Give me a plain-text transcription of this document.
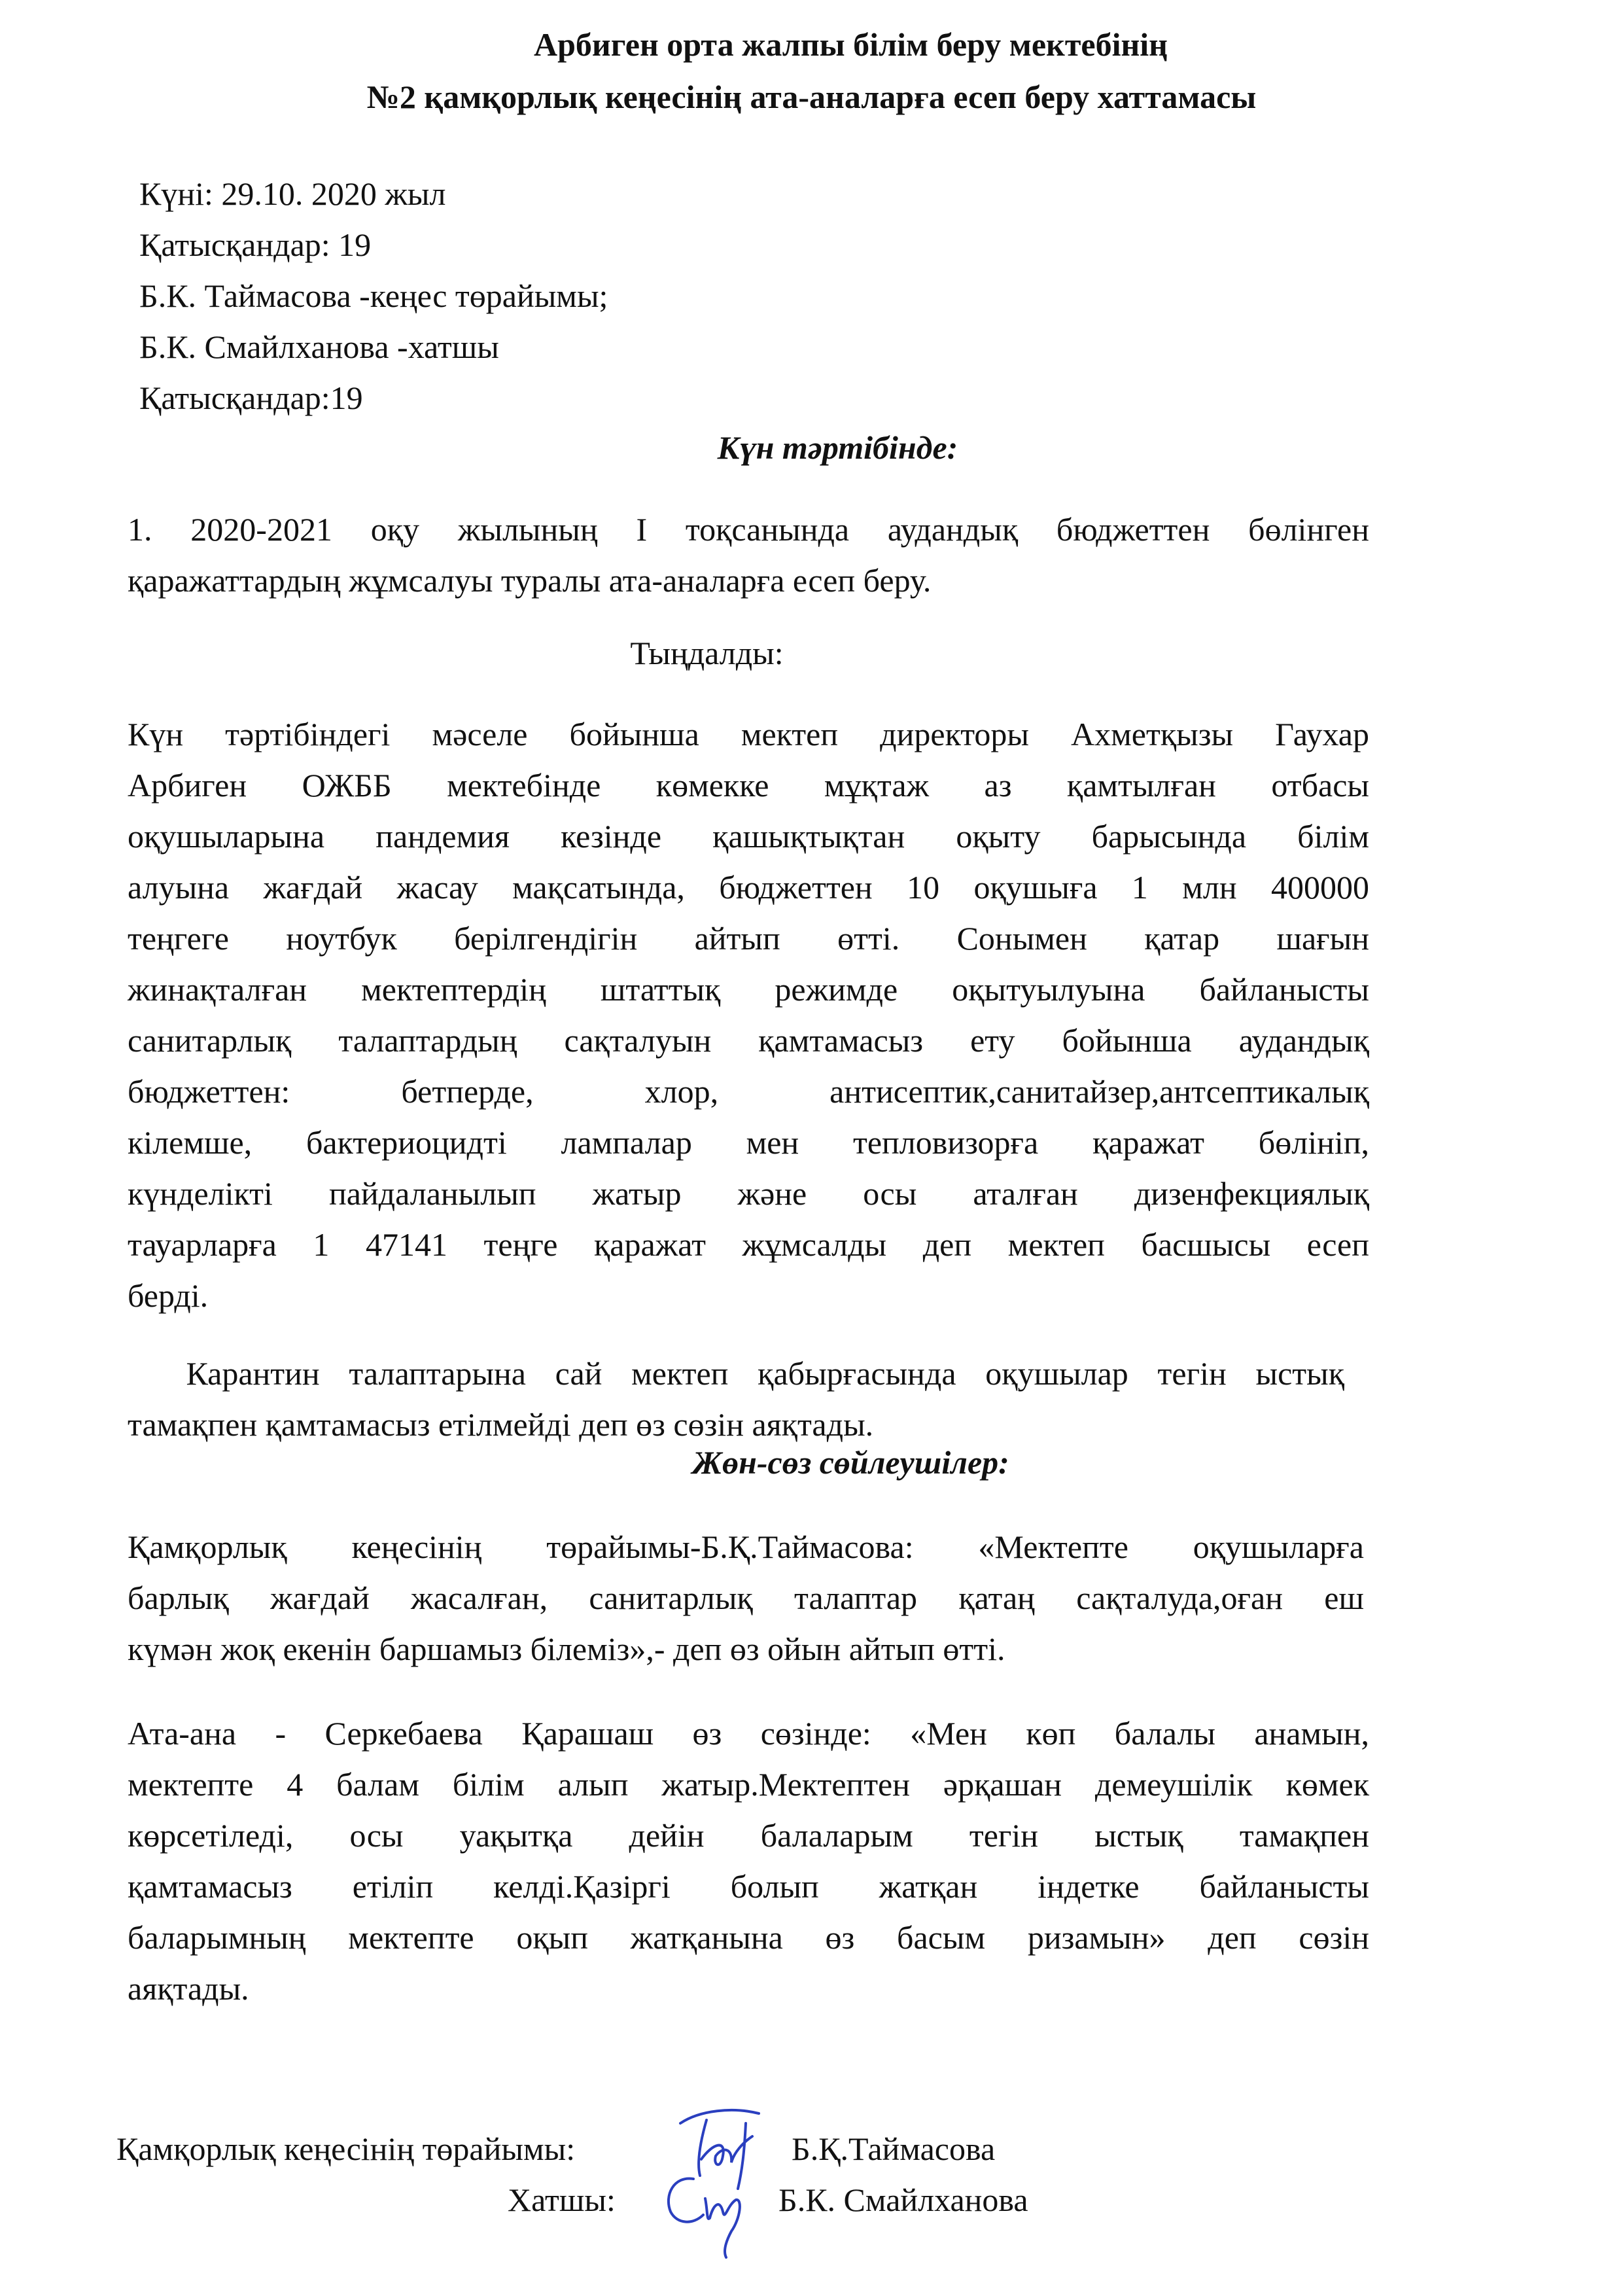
Арбиген орта жалпы білім беру мектебінің
№2 қамқорлық кеңесінің ата-аналарға есеп беру хаттамасы
Күні: 29.10. 2020 жыл
Қатысқандар: 19
Б.К. Таймасова -кеңес төрайымы;
Б.К. Смайлханова -хатшы
Қатысқандар:19
Күн тәртібінде:
1. 2020-2021 оқу жылының І тоқсанында аудандық бюджеттен бөлінген
қаражаттардың жұмсалуы туралы ата-аналарға есеп беру.
Тыңдалды:
Күн тәртібіндегі мәселе бойынша мектеп директоры Ахметқызы Гаухар
Арбиген ОЖББ мектебінде көмекке мұқтаж аз қамтылған отбасы
оқушыларына пандемия кезінде қашықтықтан оқыту барысында білім
алуына жағдай жасау мақсатында, бюджеттен 10 оқушыға 1 млн 400000
теңгеге ноутбук берілгендігін айтып өтті. Сонымен қатар шағын
жинақталған мектептердің штаттық режимде оқытуылуына байланысты
санитарлық талаптардың сақталуын қамтамасыз ету бойынша аудандық
бюджеттен: бетперде, хлор, антисептик,санитайзер,антсептикалық
кілемше, бактериоцидті лампалар мен тепловизорға қаражат бөлініп,
күнделікті пайдаланылып жатыр және осы аталған дизенфекциялық
тауарларға 1 47141 теңге қаражат жұмсалды деп мектеп басшысы есеп
берді.
Карантин талаптарына сай мектеп қабырғасында оқушылар тегін ыстық
тамақпен қамтамасыз етілмейді деп өз сөзін аяқтады.
Жөн-сөз сөйлеушілер:
Қамқорлық кеңесінің төрайымы-Б.Қ.Таймасова: «Мектепте оқушыларға
барлық жағдай жасалған, санитарлық талаптар қатаң сақталуда,оған еш
күмән жоқ екенін баршамыз білеміз»,- деп өз ойын айтып өтті.
Ата-ана - Серкебаева Қарашаш өз сөзінде: «Мен көп балалы анамын,
мектепте 4 балам білім алып жатыр.Мектептен әрқашан демеушілік көмек
көрсетіледі, осы уақытқа дейін балаларым тегін ыстық тамақпен
қамтамасыз етіліп келді.Қазіргі болып жатқан індетке байланысты
баларымның мектепте оқып жатқанына өз басым ризамын» деп сөзін
аяқтады.
Қамқорлық кеңесінің төрайымы:	Б.Қ.Таймасова
Хатшы:	Б.К. Смайлханова
